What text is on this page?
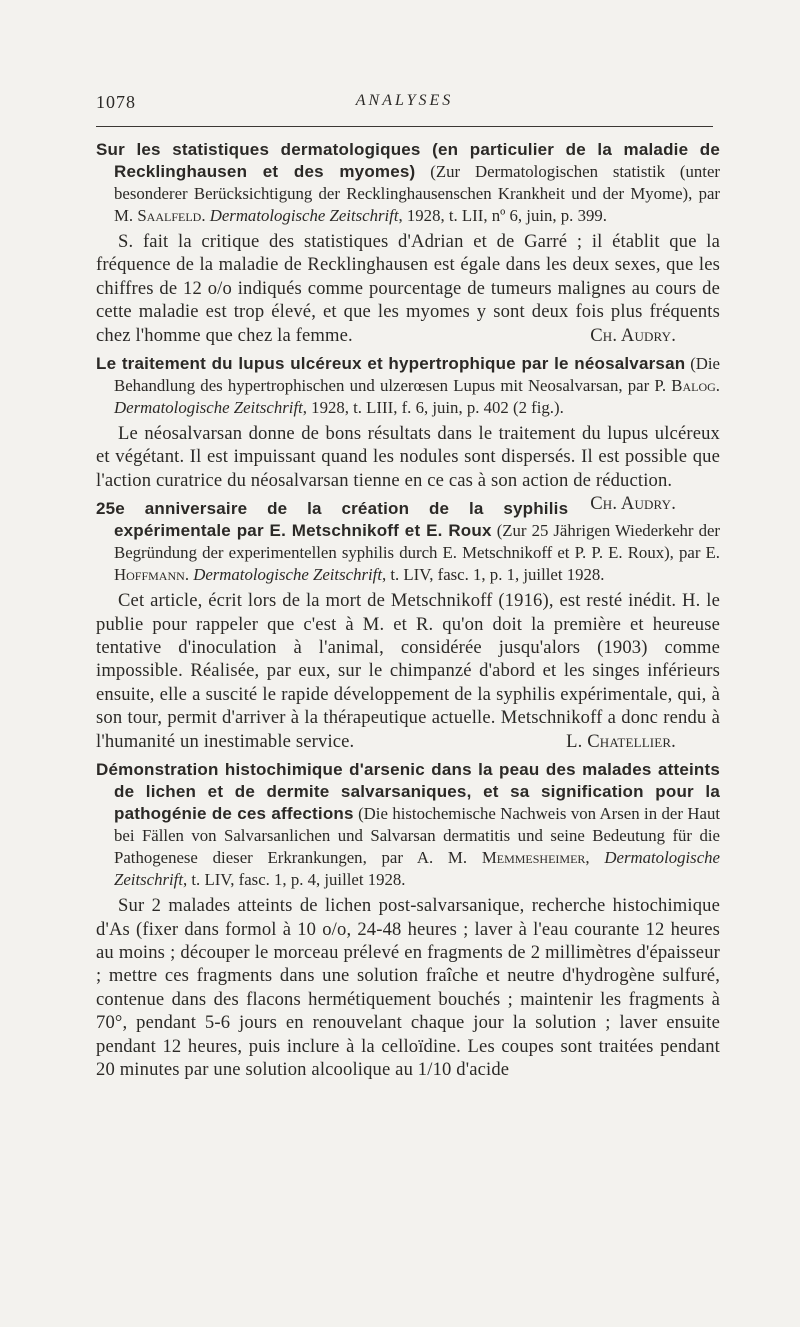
1078	ANALYSES

Sur les statistiques dermatologiques (en particulier de la maladie de Recklinghausen et des myomes) (Zur Dermatologischen statistik (unter besonderer Berücksichtigung der Recklinghausenschen Krankheit und der Myome), par M. Saalfeld. Dermatologische Zeitschrift, 1928, t. LII, nº 6, juin, p. 399.

S. fait la critique des statistiques d'Adrian et de Garré ; il établit que la fréquence de la maladie de Recklinghausen est égale dans les deux sexes, que les chiffres de 12 o/o indiqués comme pourcentage de tumeurs malignes au cours de cette maladie est trop élevé, et que les myomes y sont deux fois plus fréquents chez l'homme que chez la femme.	Ch. Audry.

Le traitement du lupus ulcéreux et hypertrophique par le néosalvarsan (Die Behandlung des hypertrophischen und ulzerœsen Lupus mit Neosalvarsan, par P. Balog. Dermatologische Zeitschrift, 1928, t. LIII, f. 6, juin, p. 402 (2 fig.).

Le néosalvarsan donne de bons résultats dans le traitement du lupus ulcéreux et végétant. Il est impuissant quand les nodules sont dispersés. Il est possible que l'action curatrice du néosalvarsan tienne en ce cas à son action de réduction.
Ch. Audry.

25e anniversaire de la création de la syphilis expérimentale par E. Metschnikoff et E. Roux (Zur 25 Jährigen Wiederkehr der Begründung der experimentellen syphilis durch E. Metschnikoff et P. P. E. Roux), par E. Hoffmann. Dermatologische Zeitschrift, t. LIV, fasc. 1, p. 1, juillet 1928.

Cet article, écrit lors de la mort de Metschnikoff (1916), est resté inédit. H. le publie pour rappeler que c'est à M. et R. qu'on doit la première et heureuse tentative d'inoculation à l'animal, considérée jusqu'alors (1903) comme impossible. Réalisée, par eux, sur le chimpanzé d'abord et les singes inférieurs ensuite, elle a suscité le rapide développement de la syphilis expérimentale, qui, à son tour, permit d'arriver à la thérapeutique actuelle. Metschnikoff a donc rendu à l'humanité un inestimable service.	L. Chatellier.

Démonstration histochimique d'arsenic dans la peau des malades atteints de lichen et de dermite salvarsaniques, et sa signification pour la pathogénie de ces affections (Die histochemische Nachweis von Arsen in der Haut bei Fällen von Salvarsanlichen und Salvarsan dermatitis und seine Bedeutung für die Pathogenese dieser Erkrankungen, par A. M. Memmesheimer, Dermatologische Zeitschrift, t. LIV, fasc. 1, p. 4, juillet 1928.

Sur 2 malades atteints de lichen post-salvarsanique, recherche histochimique d'As (fixer dans formol à 10 o/o, 24-48 heures ; laver à l'eau courante 12 heures au moins ; découper le morceau prélevé en fragments de 2 millimètres d'épaisseur ; mettre ces fragments dans une solution fraîche et neutre d'hydrogène sulfuré, contenue dans des flacons hermétiquement bouchés ; maintenir les fragments à 70°, pendant 5-6 jours en renouvelant chaque jour la solution ; laver ensuite pendant 12 heures, puis inclure à la celloïdine. Les coupes sont traitées pendant 20 minutes par une solution alcoolique au 1/10 d'acide
